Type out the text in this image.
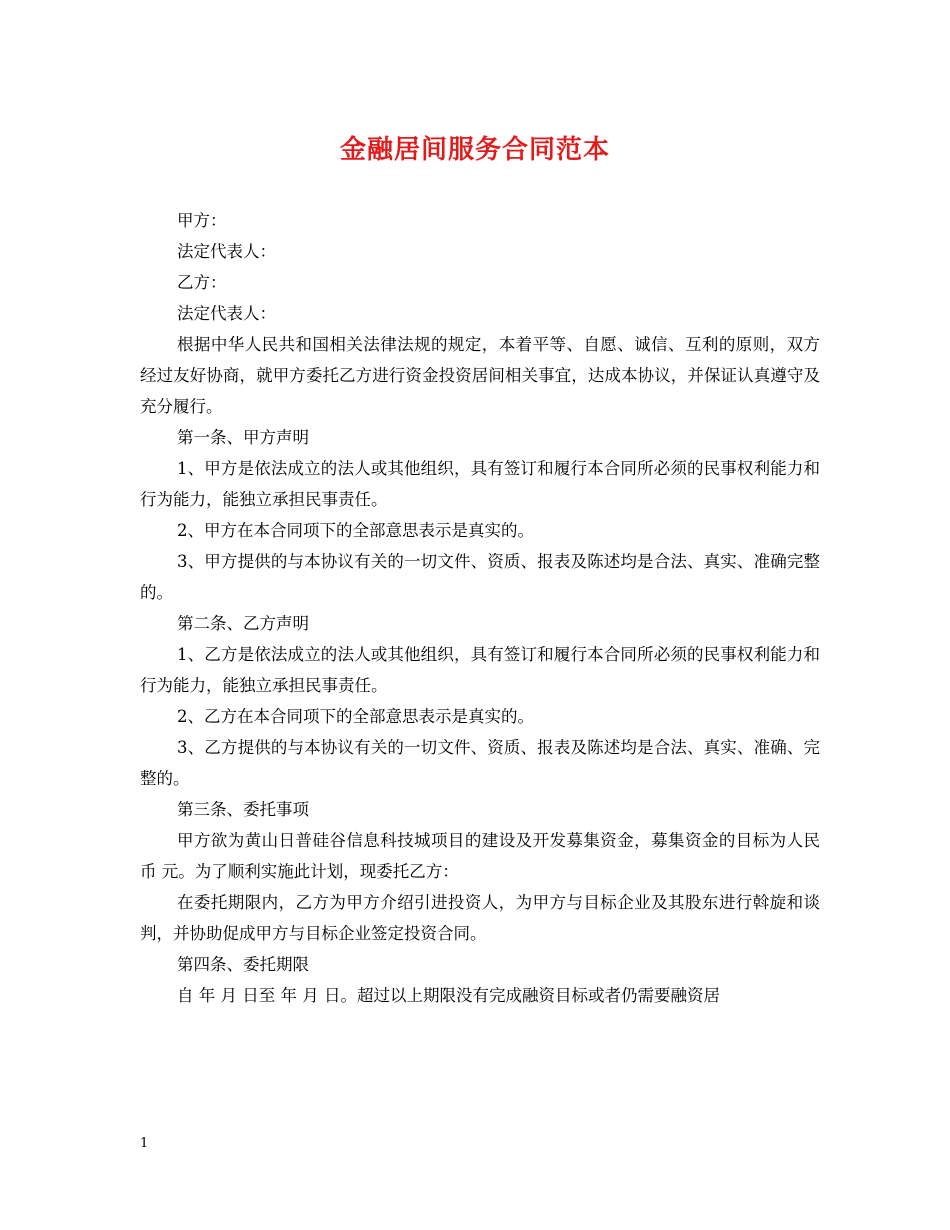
金融居间服务合同范本

甲方：

法定代表人：

乙方：

法定代表人：

根据中华人民共和国相关法律法规的规定，本着平等、自愿、诚信、互利的原则，双方经过友好协商，就甲方委托乙方进行资金投资居间相关事宜，达成本协议，并保证认真遵守及充分履行。

第一条、甲方声明

1、甲方是依法成立的法人或其他组织，具有签订和履行本合同所必须的民事权利能力和行为能力，能独立承担民事责任。

2、甲方在本合同项下的全部意思表示是真实的。

3、甲方提供的与本协议有关的一切文件、资质、报表及陈述均是合法、真实、准确完整的。

第二条、乙方声明

1、乙方是依法成立的法人或其他组织，具有签订和履行本合同所必须的民事权利能力和行为能力，能独立承担民事责任。

2、乙方在本合同项下的全部意思表示是真实的。

3、乙方提供的与本协议有关的一切文件、资质、报表及陈述均是合法、真实、准确、完整的。

第三条、委托事项

甲方欲为黄山日普硅谷信息科技城项目的建设及开发募集资金，募集资金的目标为人民币 元。为了顺利实施此计划，现委托乙方：

在委托期限内，乙方为甲方介绍引进投资人，为甲方与目标企业及其股东进行斡旋和谈判，并协助促成甲方与目标企业签定投资合同。

第四条、委托期限

自 年 月 日至 年 月 日。超过以上期限没有完成融资目标或者仍需要融资居

1
